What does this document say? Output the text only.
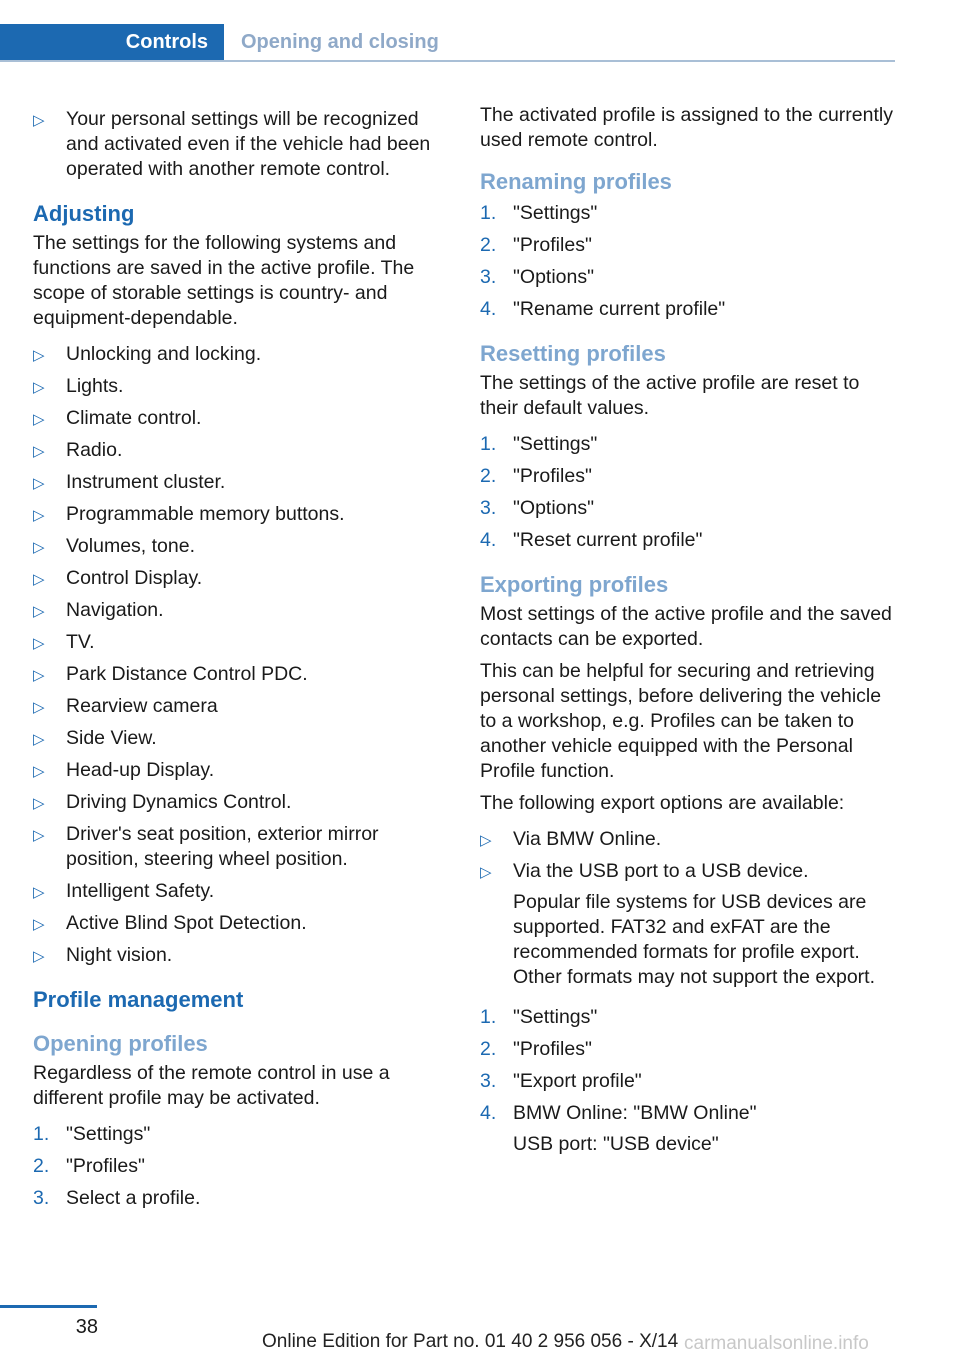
Controls Opening and closing
▷ Your personal settings will be recognized and activated even if the vehicle had been operated with another remote control.
Adjusting

The settings for the following systems and functions are saved in the active profile. The scope of storable settings is country- and equipment-dependable.

▷ Unlocking and locking.
▷ Lights.
▷ Climate control.
▷ Radio.
▷ Instrument cluster.
▷ Programmable memory buttons.
▷ Volumes, tone.
▷ Control Display.
▷ Navigation.
▷ TV.
▷ Park Distance Control PDC.
▷ Rearview camera
▷ Side View.
▷ Head-up Display.
▷ Driving Dynamics Control.
▷ Driver's seat position, exterior mirror position, steering wheel position.
▷ Intelligent Safety.
▷ Active Blind Spot Detection.
▷ Night vision.
Profile management
Opening profiles

Regardless of the remote control in use a different profile may be activated.

1. "Settings"
2. "Profiles"
3. Select a profile.

The activated profile is assigned to the currently used remote control.

Renaming profiles
1. "Settings"
2. "Profiles"
3. "Options"
4. "Rename current profile"
Resetting profiles

The settings of the active profile are reset to their default values.

1. "Settings"
2. "Profiles"
3. "Options"
4. "Reset current profile"
Exporting profiles

Most settings of the active profile and the saved contacts can be exported.

This can be helpful for securing and retrieving personal settings, before delivering the vehicle to a workshop, e.g. Profiles can be taken to another vehicle equipped with the Personal Profile function.

The following export options are available:

▷ Via BMW Online.
▷ Via the USB port to a USB device.
Popular file systems for USB devices are supported. FAT32 and exFAT are the recommended formats for profile export. Other formats may not support the export.
1. "Settings"
2. "Profiles"
3. "Export profile"
4. BMW Online: "BMW Online"
USB port: "USB device"
38
Online Edition for Part no. 01 40 2 956 056 - X/14 carmanualsonline.info
